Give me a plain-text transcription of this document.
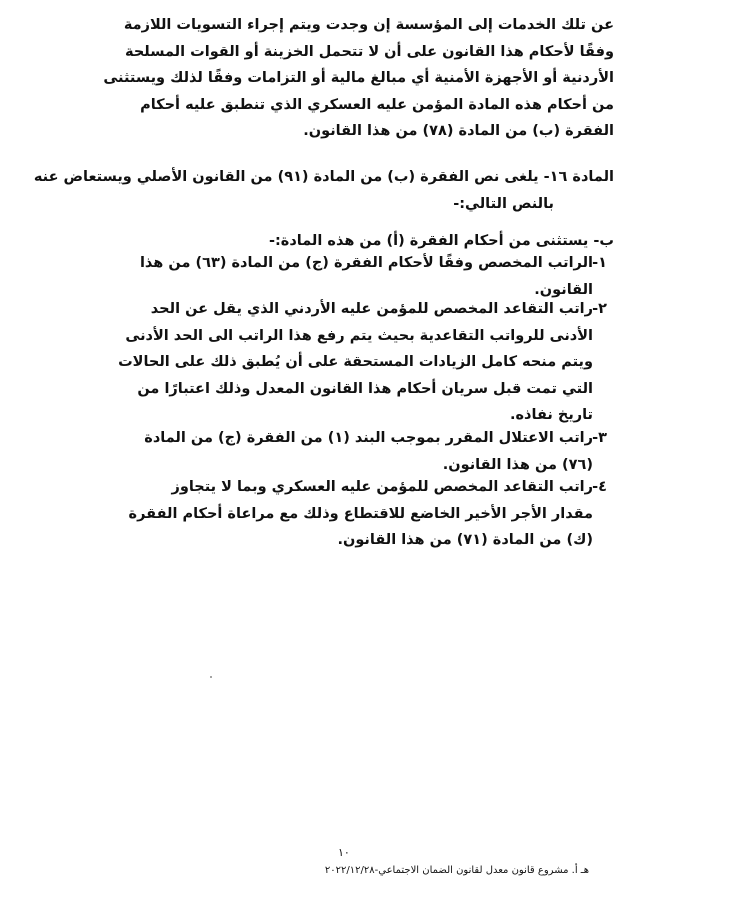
عن تلك الخدمات إلى المؤسسة إن وجدت ويتم إجراء التسويات اللازمة
وفقًا لأحكام هذا القانون على أن لا تتحمل الخزينة أو القوات المسلحة
الأردنية أو الأجهزة الأمنية أي مبالغ مالية أو التزامات وفقًا لذلك ويستثنى
من أحكام هذه المادة المؤمن عليه العسكري الذي تنطبق عليه أحكام
الفقرة (ب) من المادة (٧٨) من هذا القانون.
المادة ١٦- يلغى نص الفقرة (ب) من المادة (٩١) من القانون الأصلي ويستعاض عنه
بالنص التالي:-
ب- يستثنى من أحكام الفقرة (أ) من هذه المادة:-
١-
الراتب المخصص وفقًا لأحكام الفقرة (ج) من المادة (٦٣) من هذا
القانون.
٢-
راتب التقاعد المخصص للمؤمن عليه الأردني الذي يقل عن الحد
الأدنى للرواتب التقاعدية بحيث يتم رفع هذا الراتب الى الحد الأدنى
ويتم منحه كامل الزيادات المستحقة على أن يُطبق ذلك على الحالات
التي تمت قبل سريان أحكام هذا القانون المعدل وذلك اعتبارًا من
تاريخ نفاذه.
٣-
راتب الاعتلال المقرر بموجب البند (١) من الفقرة (ج) من المادة
(٧٦) من هذا القانون.
٤-
راتب التقاعد المخصص للمؤمن عليه العسكري وبما لا يتجاوز
مقدار الأجر الأخير الخاضع للاقتطاع وذلك مع مراعاة أحكام الفقرة
(ك) من المادة (٧١) من هذا القانون.
١٠
هـ أ. مشروع قانون معدل لقانون الضمان الاجتماعي-٢٠٢٢/١٢/٢٨
